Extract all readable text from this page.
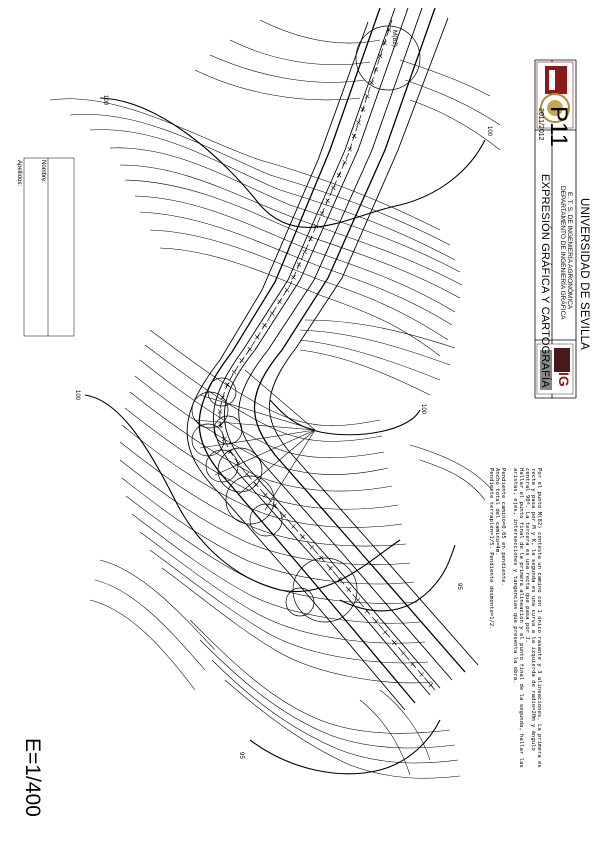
IG
UNIVERSIDAD DE SEVILLA
E. T. S. DE INGENIERÍA AGRONÓMICA
DEPARTAMENTO DE INGENIERÍA GRÁFICA
EXPRESIÓN GRÁFICA Y CARTOGRAFÍA
P11
2011/2012
Nombre:
Apellidos:
Por el punto M(82) contesta un camino con 1 único rasante y 3 alineaciones. La primera es
recta y pasa por M y K, la segunda es una curva a la izquierda de radio=20m y ángulo
central 90º. La tercera es una recta que pasa por J.
Hallar el punto final de la primera alineación y el punto final de la segunda, hallar las
aristas, ejes, intersecciones y tangencias que presenta la obra.
Pendiente camino=0.05 en pendiente.
Ancho total del camino=4m.
Pendiente terraplén=1/5. Pendiente desmonte=1/2.
E=1/400
M(82)
100
100
100
100
95
95
